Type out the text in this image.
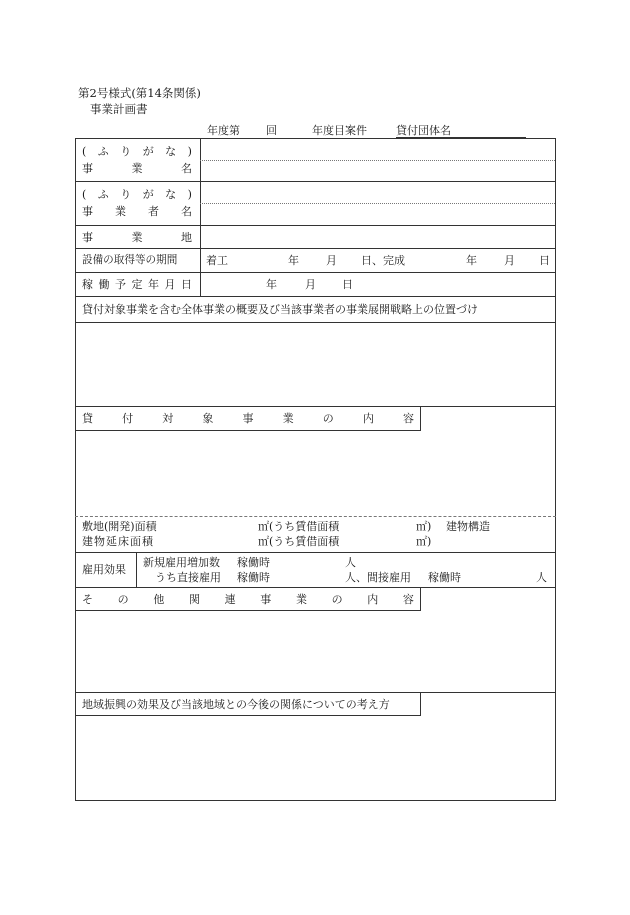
第2号様式(第14条関係)
事業計画書
年度第 回	年度目案件	貸付団体名
( ふ り が な )
事	業	名
( ふ り が な )
事 業 者 名
事	業	地
設備の取得等の期間	着工	年 月 日、完成	年 月 日
稼 働 予 定 年 月 日	年	月 日
貸付対象事業を含む全体事業の概要及び当該事業者の事業展開戦略上の位置づけ
貸	付	対	象	事	業	の	内	容
敷地(開発)面積	㎡(うち賃借面積	㎡) 建物構造
建物延床面積	㎡(うち賃借面積	㎡)
雇用効果
新規雇用増加数 稼働時	人
うち直接雇用 稼働時	人、間接雇用 稼働時	人
そ の 他 関 連 事 業 の 内 容
地域振興の効果及び当該地域との今後の関係についての考え方
